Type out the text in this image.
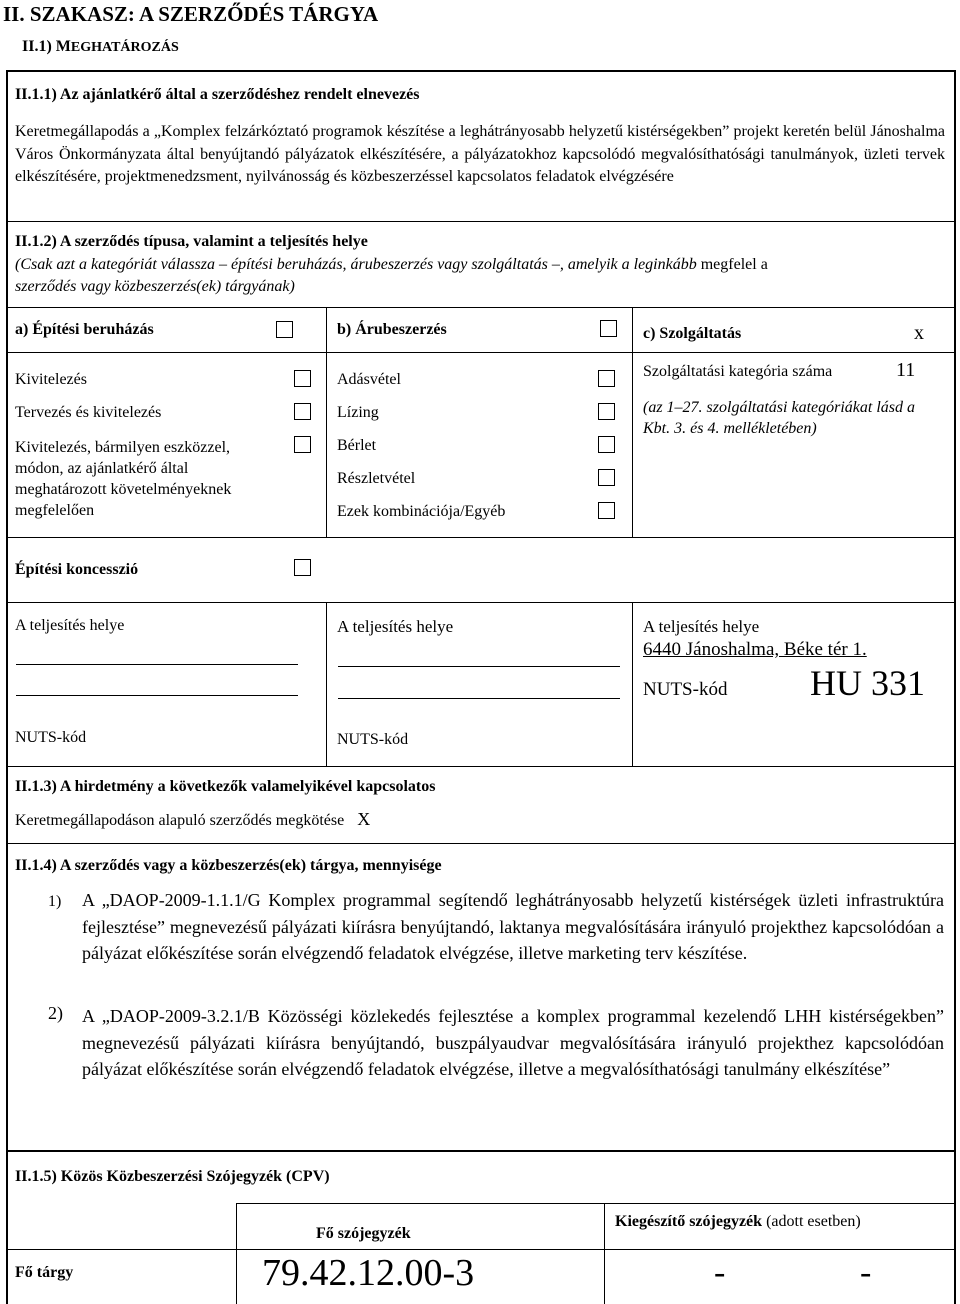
II. SZAKASZ: A SZERZŐDÉS TÁRGYA
II.1) MEGHATÁROZÁS
II.1.1) Az ajánlatkérő által a szerződéshez rendelt elnevezés
Keretmegállapodás a „Komplex felzárkóztató programok készítése a leghátrányosabb helyzetű kistérségekben” projekt keretén belül Jánoshalma Város Önkormányzata által benyújtandó pályázatok elkészítésére, a pályázatokhoz kapcsolódó megvalósíthatósági tanulmányok, üzleti tervek elkészítésére, projektmenedzsment, nyilvánosság és közbeszerzéssel kapcsolatos feladatok elvégzésére
II.1.2) A szerződés típusa, valamint a teljesítés helye
(Csak azt a kategóriát válassza – építési beruházás, árubeszerzés vagy szolgáltatás –, amelyik a leginkább megfelel a
szerződés vagy közbeszerzés(ek) tárgyának)
a) Építési beruházás
Kivitelezés
Tervezés és kivitelezés
Kivitelezés, bármilyen eszközzel, módon, az ajánlatkérő által meghatározott követelményeknek megfelelően
b) Árubeszerzés
Adásvétel
Lízing
Bérlet
Részletvétel
Ezek kombinációja/Egyéb
c) Szolgáltatás	x
Szolgáltatási kategória száma	11
(az 1–27. szolgáltatási kategóriákat lásd a Kbt. 3. és 4. mellékletében)
Építési koncesszió
A teljesítés helye
NUTS-kód
A teljesítés helye
NUTS-kód
A teljesítés helye
6440 Jánoshalma, Béke tér 1.
NUTS-kód HU 331
II.1.3) A hirdetmény a következők valamelyikével kapcsolatos
Keretmegállapodáson alapuló szerződés megkötése X
II.1.4) A szerződés vagy a közbeszerzés(ek) tárgya, mennyisége
1) A „DAOP-2009-1.1.1/G Komplex programmal segítendő leghátrányosabb helyzetű kistérségek üzleti infrastruktúra fejlesztése” megnevezésű pályázati kiírásra benyújtandó, laktanya megvalósítására irányuló projekthez kapcsolódóan a pályázat előkészítése során elvégzendő feladatok elvégzése, illetve marketing terv készítése.
2) A „DAOP-2009-3.2.1/B Közösségi közlekedés fejlesztése a komplex programmal kezelendő LHH kistérségekben” megnevezésű pályázati kiírásra benyújtandó, buszpályaudvar megvalósítására irányuló projekthez kapcsolódóan pályázat előkészítése során elvégzendő feladatok elvégzése, illetve a megvalósíthatósági tanulmány elkészítése”
II.1.5) Közös Közbeszerzési Szójegyzék (CPV)
Fő szójegyzék
Kiegészítő szójegyzék (adott esetben)
Fő tárgy	79.42.12.00-3	-	-
